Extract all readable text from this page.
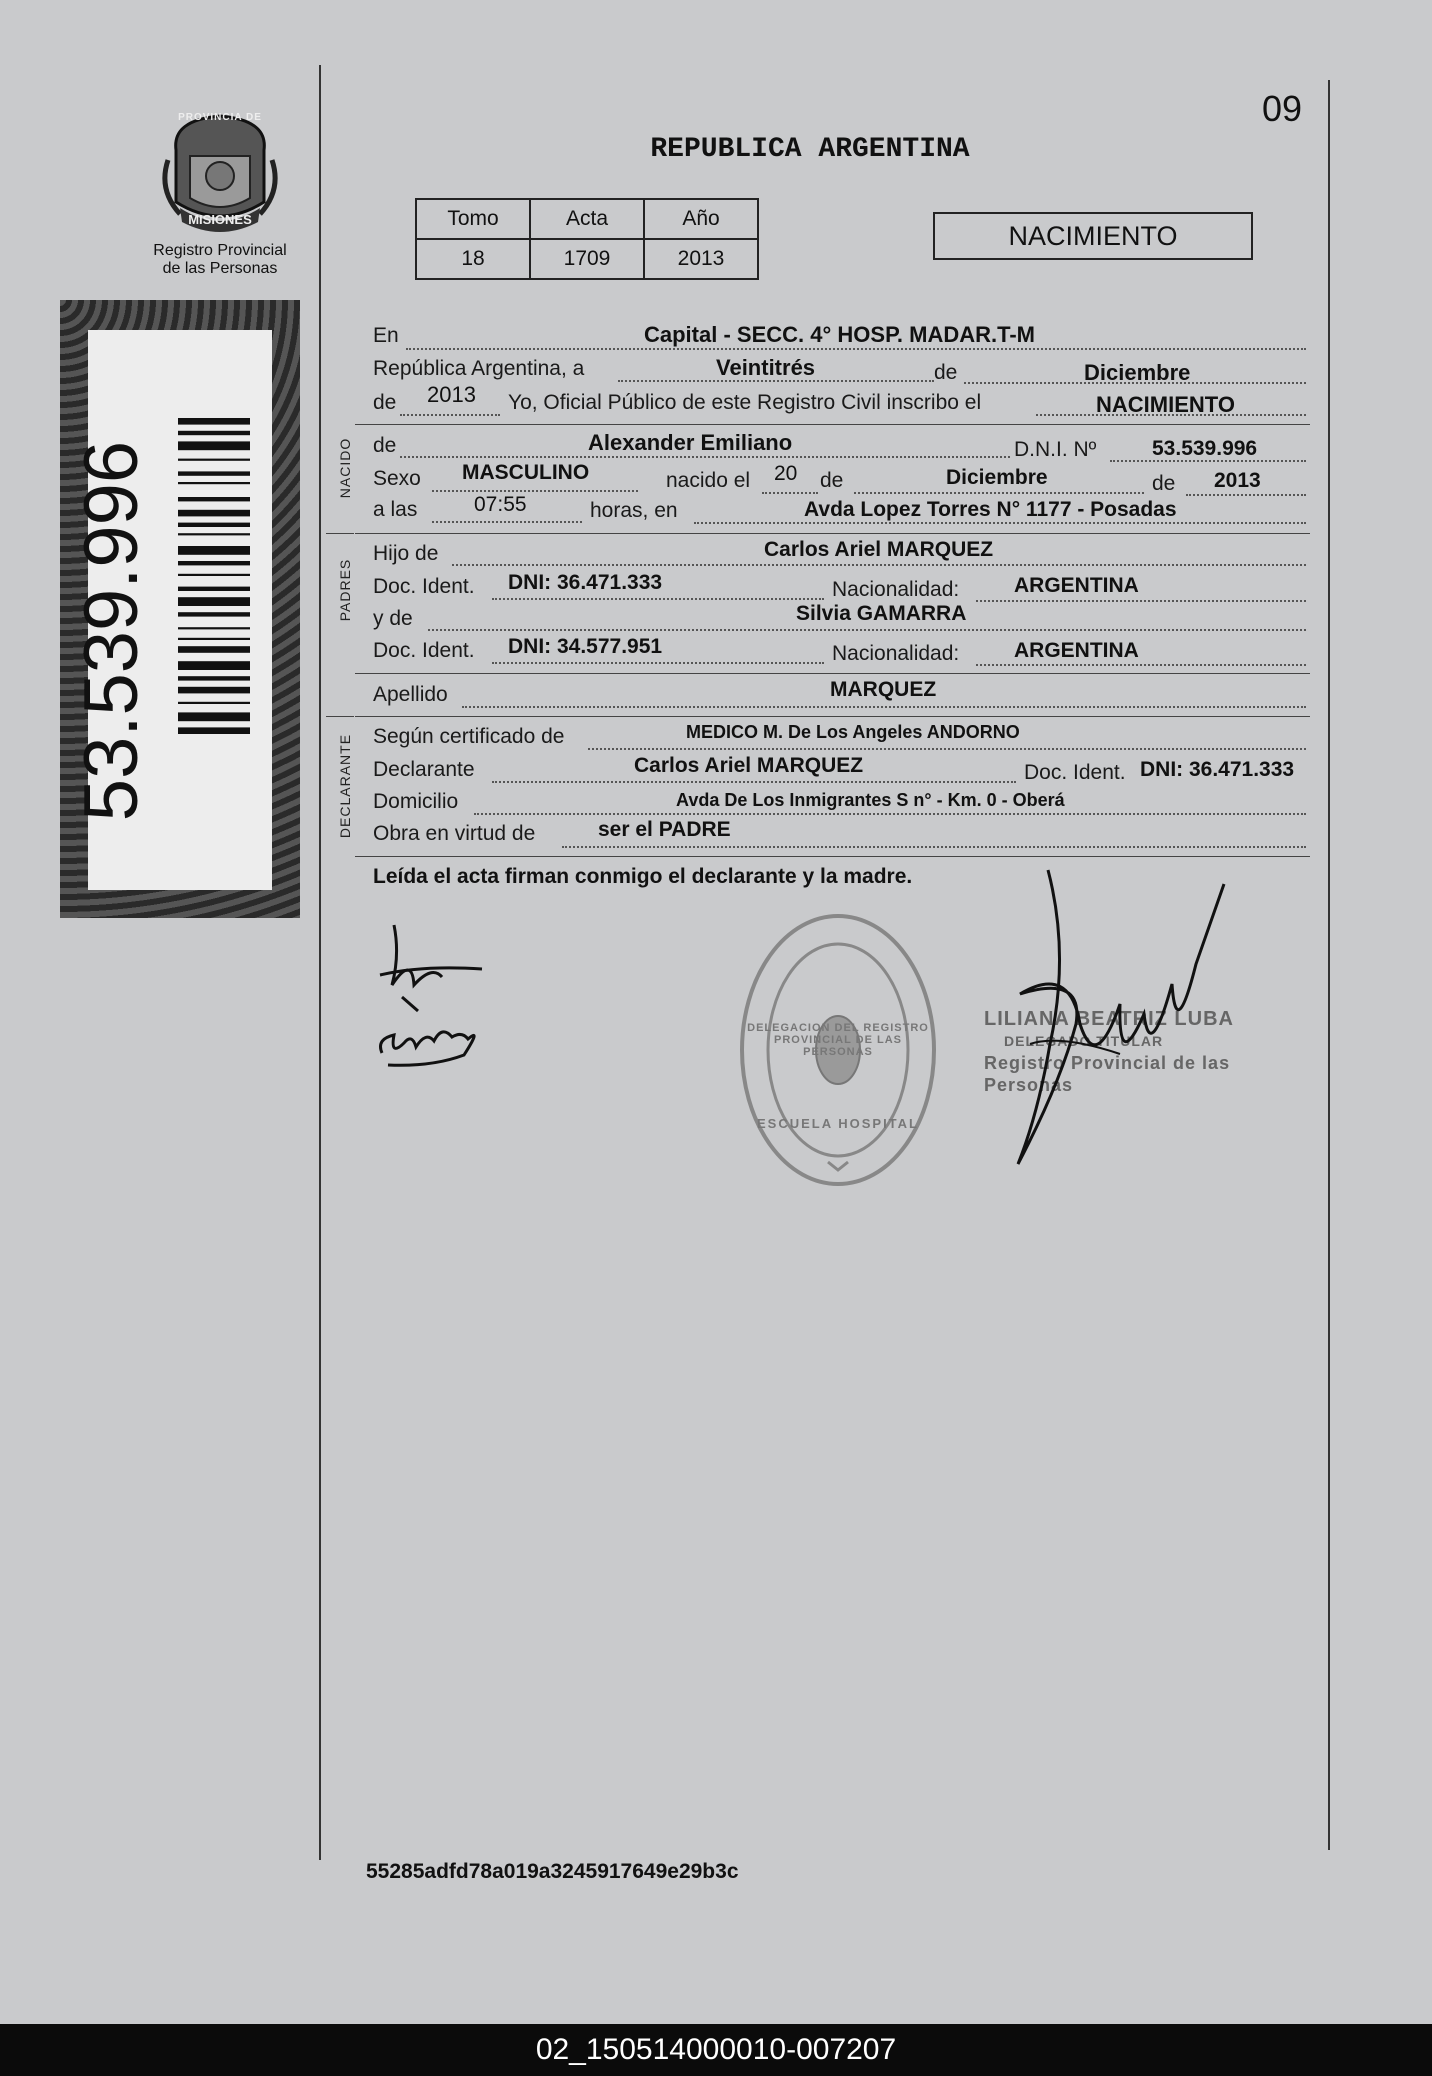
09
PROVINCIA DE
MISIONES
Registro Provincial
de las Personas
53.539.996
REPUBLICA ARGENTINA
Tomo	Acta	Año
18	1709	2013
NACIMIENTO
En	Capital - SECC. 4° HOSP. MADAR.T-M
República Argentina, a	Veintitrés	de	Diciembre
de 2013 Yo, Oficial Público de este Registro Civil inscribo el	NACIMIENTO
de	Alexander Emiliano	D.N.I. Nº	53.539.996
Sexo MASCULINO	nacido el 20 de	Diciembre	de 2013
a las	07:55	horas, en	Avda Lopez Torres N° 1177 - Posadas
Hijo de	Carlos Ariel MARQUEZ
Doc. Ident. DNI: 36.471.333	Nacionalidad:	ARGENTINA
y de	Silvia GAMARRA
Doc. Ident. DNI: 34.577.951	Nacionalidad:	ARGENTINA
Apellido	MARQUEZ
Según certificado de	MEDICO M. De Los Angeles ANDORNO
Declarante	Carlos Ariel MARQUEZ	Doc. Ident. DNI: 36.471.333
Domicilio	Avda De Los Inmigrantes S n° - Km. 0 - Oberá
Obra en virtud de	ser el PADRE
NACIDO
PADRES
DECLARANTE
Leída el acta firman conmigo el declarante y la madre.
DELEGACION DEL REGISTRO PROVINCIAL DE LAS PERSONAS
ESCUELA HOSPITAL
LILIANA BEATRIZ LUBA
DELEGADO TITULAR
Registro Provincial de las Personas
55285adfd78a019a3245917649e29b3c
02_150514000010-007207
